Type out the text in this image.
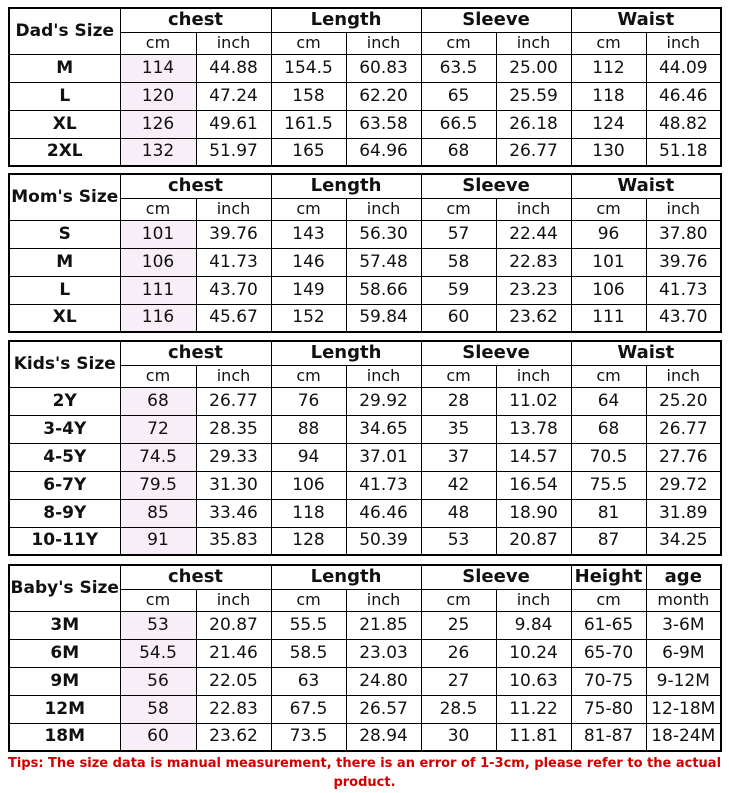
Dad's Size	chest		Length		Sleeve		Waist	
	cm	inch	cm	inch	cm	inch	cm	inch
M	114	44.88	154.5	60.83	63.5	25.00	112	44.09
L	120	47.24	158	62.20	65	25.59	118	46.46
XL	126	49.61	161.5	63.58	66.5	26.18	124	48.82
2XL	132	51.97	165	64.96	68	26.77	130	51.18
Mom's Size	chest		Length		Sleeve		Waist	
	cm	inch	cm	inch	cm	inch	cm	inch
S	101	39.76	143	56.30	57	22.44	96	37.80
M	106	41.73	146	57.48	58	22.83	101	39.76
L	111	43.70	149	58.66	59	23.23	106	41.73
XL	116	45.67	152	59.84	60	23.62	111	43.70
Kids's Size	chest		Length		Sleeve		Waist	
	cm	inch	cm	inch	cm	inch	cm	inch
2Y	68	26.77	76	29.92	28	11.02	64	25.20
3-4Y	72	28.35	88	34.65	35	13.78	68	26.77
4-5Y	74.5	29.33	94	37.01	37	14.57	70.5	27.76
6-7Y	79.5	31.30	106	41.73	42	16.54	75.5	29.72
8-9Y	85	33.46	118	46.46	48	18.90	81	31.89
10-11Y	91	35.83	128	50.39	53	20.87	87	34.25
Baby's Size	chest		Length		Sleeve		Height	age
	cm	inch	cm	inch	cm	inch	cm	month
3M	53	20.87	55.5	21.85	25	9.84	61-65	3-6M
6M	54.5	21.46	58.5	23.03	26	10.24	65-70	6-9M
9M	56	22.05	63	24.80	27	10.63	70-75	9-12M
12M	58	22.83	67.5	26.57	28.5	11.22	75-80	12-18M
18M	60	23.62	73.5	28.94	30	11.81	81-87	18-24M
Tips: The size data is manual measurement, there is an error of 1-3cm, please refer to the actual product.
